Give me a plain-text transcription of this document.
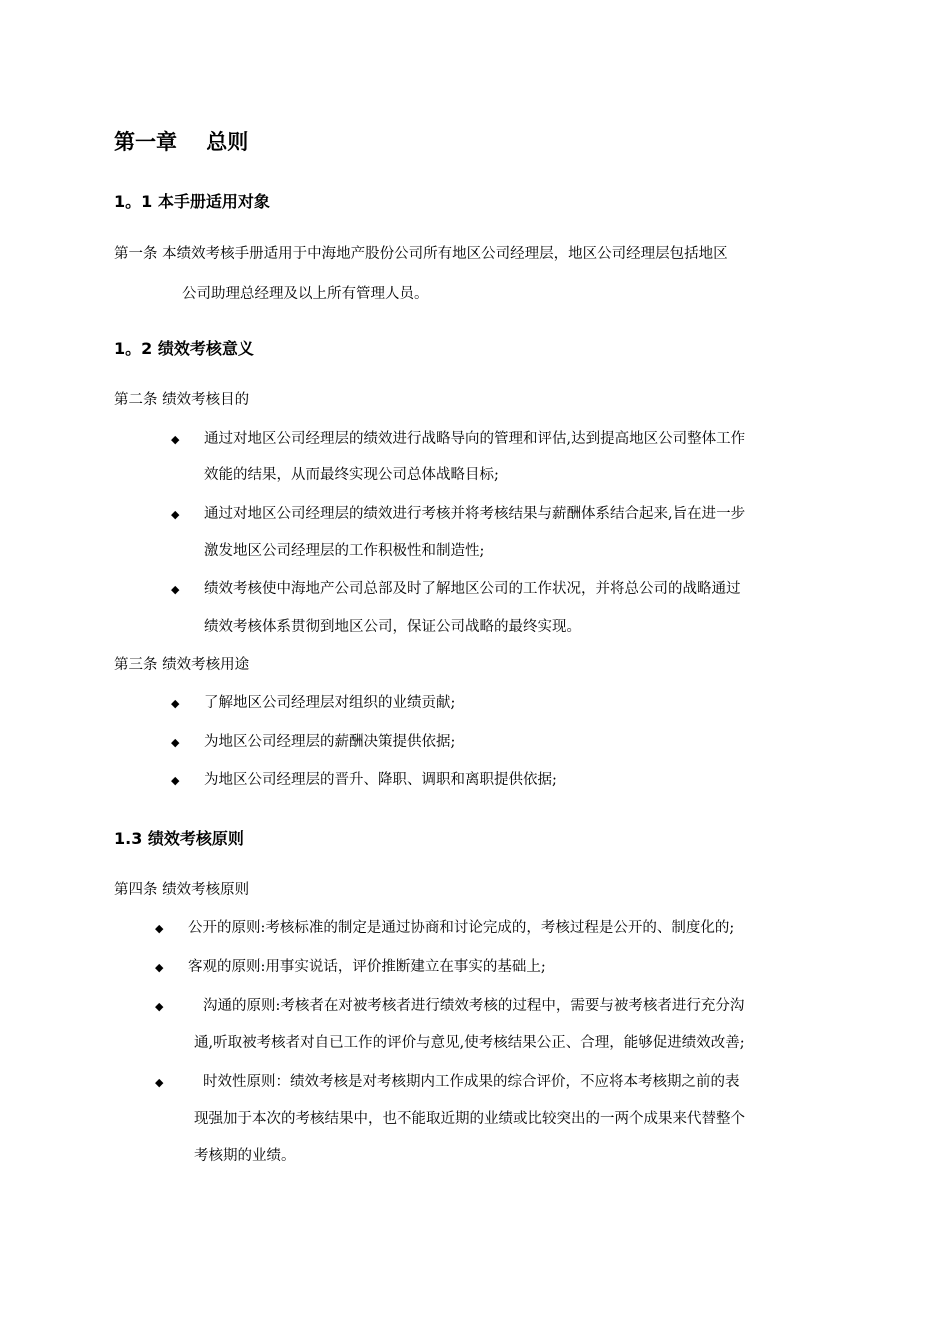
第一章    总则
1。1 本手册适用对象
第一条 本绩效考核手册适用于中海地产股份公司所有地区公司经理层，地区公司经理层包括地区
公司助理总经理及以上所有管理人员。
1。2 绩效考核意义
第二条 绩效考核目的
◆ 通过对地区公司经理层的绩效进行战略导向的管理和评估,达到提高地区公司整体工作
效能的结果，从而最终实现公司总体战略目标;
◆ 通过对地区公司经理层的绩效进行考核并将考核结果与薪酬体系结合起来,旨在进一步
激发地区公司经理层的工作积极性和制造性;
◆ 绩效考核使中海地产公司总部及时了解地区公司的工作状况，并将总公司的战略通过
绩效考核体系贯彻到地区公司，保证公司战略的最终实现。
第三条 绩效考核用途
◆ 了解地区公司经理层对组织的业绩贡献;
◆ 为地区公司经理层的薪酬决策提供依据;
◆ 为地区公司经理层的晋升、降职、调职和离职提供依据;
1.3 绩效考核原则
第四条 绩效考核原则
◆ 公开的原则:考核标准的制定是通过协商和讨论完成的，考核过程是公开的、制度化的;
◆ 客观的原则:用事实说话，评价推断建立在事实的基础上;
◆	沟通的原则:考核者在对被考核者进行绩效考核的过程中，需要与被考核者进行充分沟
通,听取被考核者对自已工作的评价与意见,使考核结果公正、合理，能够促进绩效改善;
◆	时效性原则：绩效考核是对考核期内工作成果的综合评价，不应将本考核期之前的表
现强加于本次的考核结果中，也不能取近期的业绩或比较突出的一两个成果来代替整个
考核期的业绩。
